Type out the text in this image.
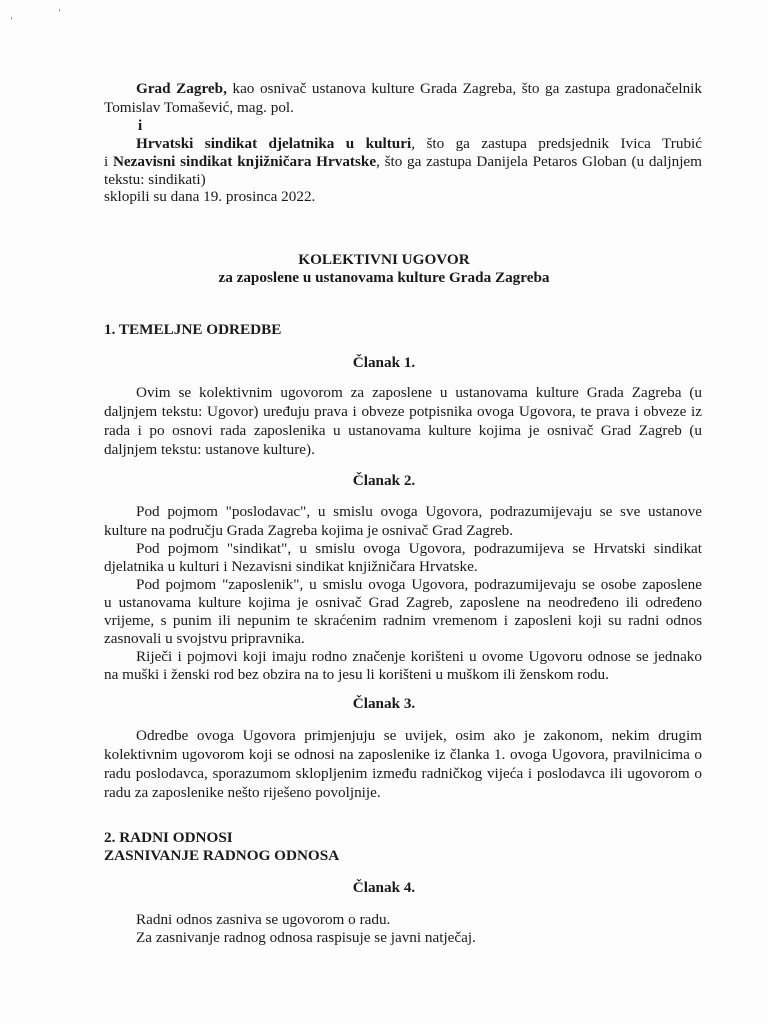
'
'
Grad Zagreb, kao osnivač ustanova kulture Grada Zagreba, što ga zastupa gradonačelnik
Tomislav Tomašević, mag. pol.
i
Hrvatski sindikat djelatnika u kulturi, što ga zastupa predsjednik Ivica Trubić
i Nezavisni sindikat knjižničara Hrvatske, što ga zastupa Danijela Petaros Globan (u daljnjem
tekstu: sindikati)
sklopili su dana 19. prosinca 2022.
KOLEKTIVNI UGOVOR
za zaposlene u ustanovama kulture Grada Zagreba
1. TEMELJNE ODREDBE
Članak 1.
Ovim se kolektivnim ugovorom za zaposlene u ustanovama kulture Grada Zagreba (u
daljnjem tekstu: Ugovor) uređuju prava i obveze potpisnika ovoga Ugovora, te prava i obveze iz
rada i po osnovi rada zaposlenika u ustanovama kulture kojima je osnivač Grad Zagreb (u
daljnjem tekstu: ustanove kulture).
Članak 2.
Pod pojmom "poslodavac", u smislu ovoga Ugovora, podrazumijevaju se sve ustanove
kulture na području Grada Zagreba kojima je osnivač Grad Zagreb.
Pod pojmom "sindikat", u smislu ovoga Ugovora, podrazumijeva se Hrvatski sindikat
djelatnika u kulturi i Nezavisni sindikat knjižničara Hrvatske.
Pod pojmom "zaposlenik", u smislu ovoga Ugovora, podrazumijevaju se osobe zaposlene
u ustanovama kulture kojima je osnivač Grad Zagreb, zaposlene na neodređeno ili određeno
vrijeme, s punim ili nepunim te skraćenim radnim vremenom i zaposleni koji su radni odnos
zasnovali u svojstvu pripravnika.
Riječi i pojmovi koji imaju rodno značenje korišteni u ovome Ugovoru odnose se jednako
na muški i ženski rod bez obzira na to jesu li korišteni u muškom ili ženskom rodu.
Članak 3.
Odredbe ovoga Ugovora primjenjuju se uvijek, osim ako je zakonom, nekim drugim
kolektivnim ugovorom koji se odnosi na zaposlenike iz članka 1. ovoga Ugovora, pravilnicima o
radu poslodavca, sporazumom sklopljenim između radničkog vijeća i poslodavca ili ugovorom o
radu za zaposlenike nešto riješeno povoljnije.
2. RADNI ODNOSI
ZASNIVANJE RADNOG ODNOSA
Članak 4.
Radni odnos zasniva se ugovorom o radu.
Za zasnivanje radnog odnosa raspisuje se javni natječaj.
